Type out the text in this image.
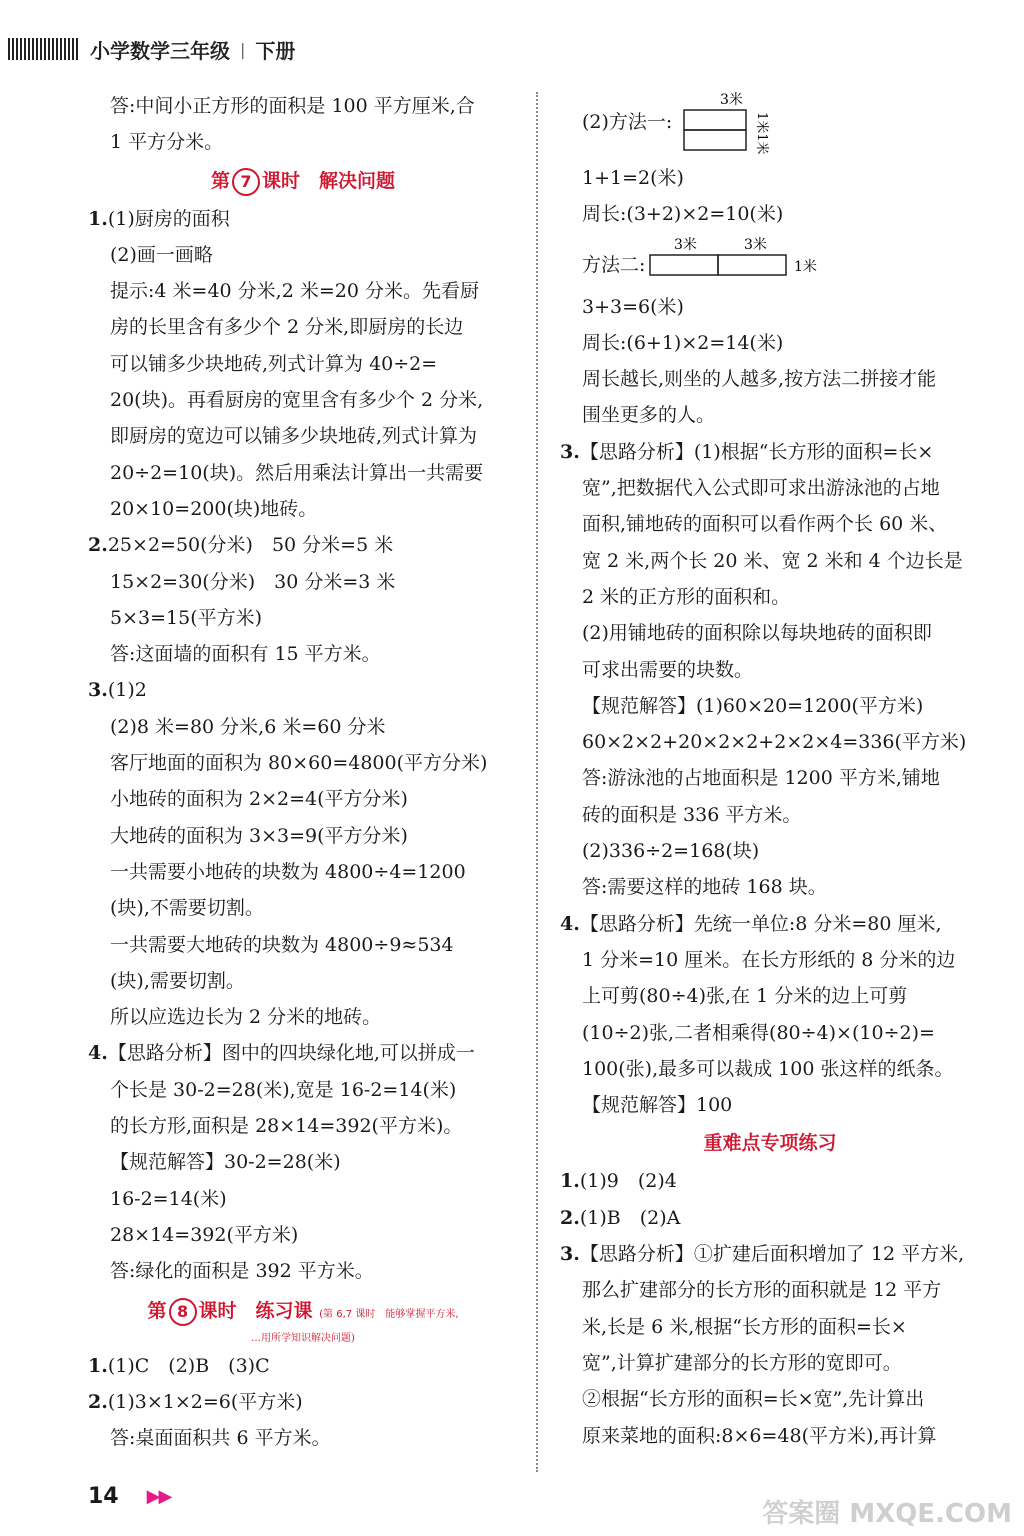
小学数学三年级 | 下册
答:中间小正方形的面积是 100 平方厘米,合
1 平方分米。
第 7 课时　解决问题
1.(1)厨房的面积
(2)画一画略
提示:4 米=40 分米,2 米=20 分米。先看厨
房的长里含有多少个 2 分米,即厨房的长边
可以铺多少块地砖,列式计算为 40÷2=
20(块)。再看厨房的宽里含有多少个 2 分米,
即厨房的宽边可以铺多少块地砖,列式计算为
20÷2=10(块)。然后用乘法计算出一共需要
20×10=200(块)地砖。
2.25×2=50(分米)　50 分米=5 米
15×2=30(分米)　30 分米=3 米
5×3=15(平方米)
答:这面墙的面积有 15 平方米。
3.(1)2
(2)8 米=80 分米,6 米=60 分米
客厅地面的面积为 80×60=4800(平方分米)
小地砖的面积为 2×2=4(平方分米)
大地砖的面积为 3×3=9(平方分米)
一共需要小地砖的块数为 4800÷4=1200
(块),不需要切割。
一共需要大地砖的块数为 4800÷9≈534
(块),需要切割。
所以应选边长为 2 分米的地砖。
4.【思路分析】图中的四块绿化地,可以拼成一
个长是 30-2=28(米),宽是 16-2=14(米)
的长方形,面积是 28×14=392(平方米)。
【规范解答】30-2=28(米)
16-2=14(米)
28×14=392(平方米)
答:绿化的面积是 392 平方米。
第 8 课时　练习课 (第 6,7 课时　能够掌握平方米,
…用所学知识解决问题)
1.(1)C　(2)B　(3)C
2.(1)3×1×2=6(平方米)
答:桌面面积共 6 平方米。
(2)方法一:
3米
1米1米
1+1=2(米)
周长:(3+2)×2=10(米)
方法二:
3米	3米
1米
3+3=6(米)
周长:(6+1)×2=14(米)
周长越长,则坐的人越多,按方法二拼接才能
围坐更多的人。
3.【思路分析】(1)根据“长方形的面积=长×
宽”,把数据代入公式即可求出游泳池的占地
面积,铺地砖的面积可以看作两个长 60 米、
宽 2 米,两个长 20 米、宽 2 米和 4 个边长是
2 米的正方形的面积和。
(2)用铺地砖的面积除以每块地砖的面积即
可求出需要的块数。
【规范解答】(1)60×20=1200(平方米)
60×2×2+20×2×2+2×2×4=336(平方米)
答:游泳池的占地面积是 1200 平方米,铺地
砖的面积是 336 平方米。
(2)336÷2=168(块)
答:需要这样的地砖 168 块。
4.【思路分析】先统一单位:8 分米=80 厘米,
1 分米=10 厘米。在长方形纸的 8 分米的边
上可剪(80÷4)张,在 1 分米的边上可剪
(10÷2)张,二者相乘得(80÷4)×(10÷2)=
100(张),最多可以裁成 100 张这样的纸条。
【规范解答】100
重难点专项练习
1.(1)9　(2)4
2.(1)B　(2)A
3.【思路分析】①扩建后面积增加了 12 平方米,
那么扩建部分的长方形的面积就是 12 平方
米,长是 6 米,根据“长方形的面积=长×
宽”,计算扩建部分的长方形的宽即可。
②根据“长方形的面积=长×宽”,先计算出
原来菜地的面积:8×6=48(平方米),再计算
14 ▶▶
答案圈 MXQE.COM
